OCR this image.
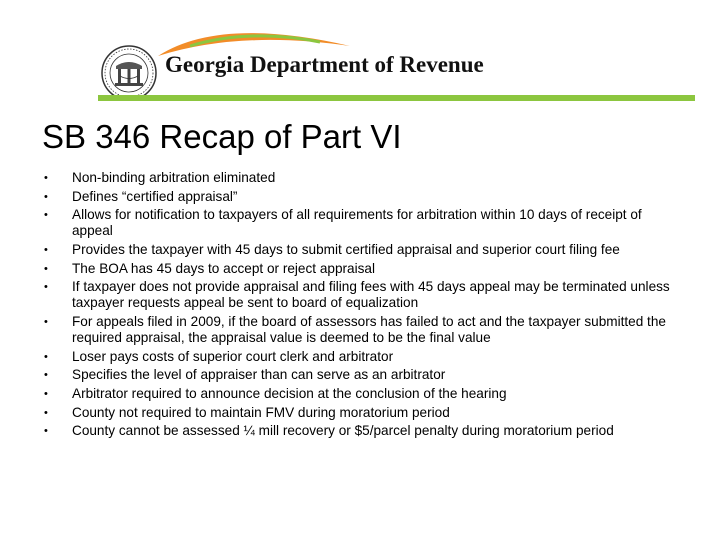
Georgia Department of Revenue
SB 346 Recap of Part VI
•	Non-binding arbitration eliminated
•	Defines “certified appraisal”
•	Allows for notification to taxpayers of all requirements for arbitration within 10 days of receipt of appeal
•	Provides the taxpayer with 45 days to submit certified appraisal and superior court filing fee
•	The BOA has 45 days to accept or reject appraisal
•	If taxpayer does not provide appraisal and filing fees with 45 days appeal may be terminated unless taxpayer requests appeal be sent to board of equalization
•	For appeals filed in 2009, if the board of assessors has failed to act and the taxpayer submitted the required appraisal, the appraisal value is deemed to be the final value
•	Loser pays costs of superior court clerk and arbitrator
•	Specifies the level of appraiser than can serve as an arbitrator
•	Arbitrator required to announce decision at the conclusion of the hearing
•	County not required to maintain FMV during moratorium period
•	County cannot be assessed ¼ mill recovery or $5/parcel penalty during moratorium period
